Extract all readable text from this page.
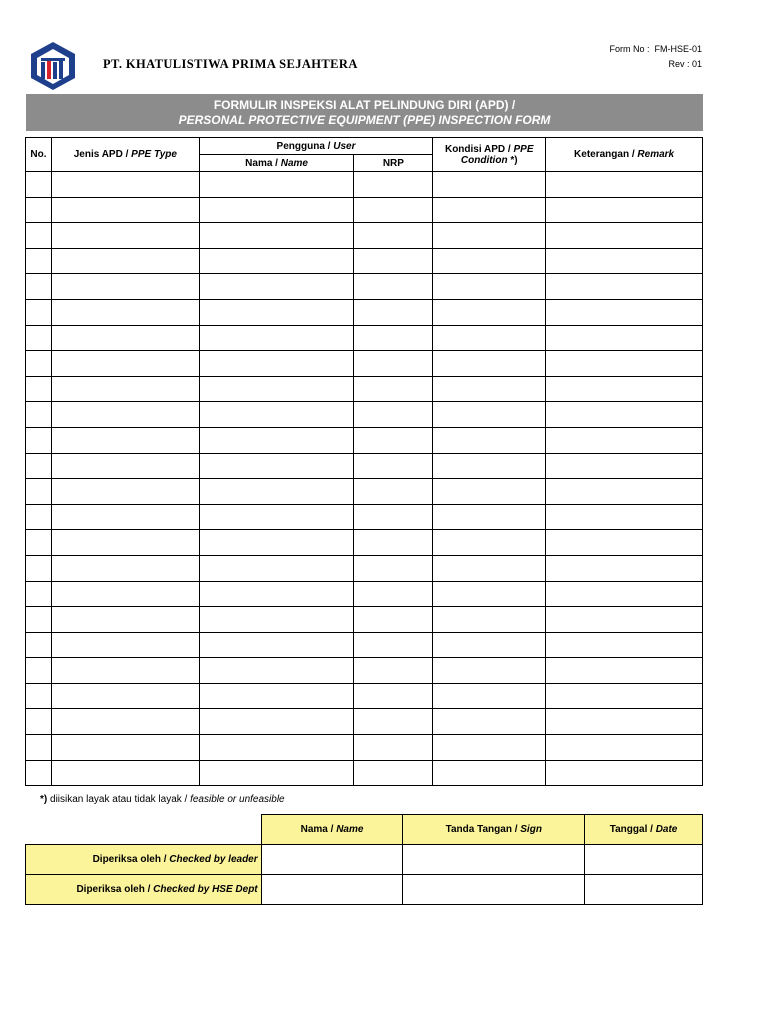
PT. KHATULISTIWA PRIMA SEJAHTERA
Form No : FM-HSE-01
Rev : 01
FORMULIR INSPEKSI ALAT PELINDUNG DIRI (APD) /
PERSONAL PROTECTIVE EQUIPMENT (PPE) INSPECTION FORM
No.	Jenis APD / PPE Type	Pengguna / User		Kondisi APD / PPE Condition *)	Keterangan / Remark
		Nama / Name	NRP		

*) diisikan layak atau tidak layak / feasible or unfeasible
	Nama / Name	Tanda Tangan / Sign	Tanggal / Date
Diperiksa oleh / Checked by leader			
Diperiksa oleh / Checked by HSE Dept			
